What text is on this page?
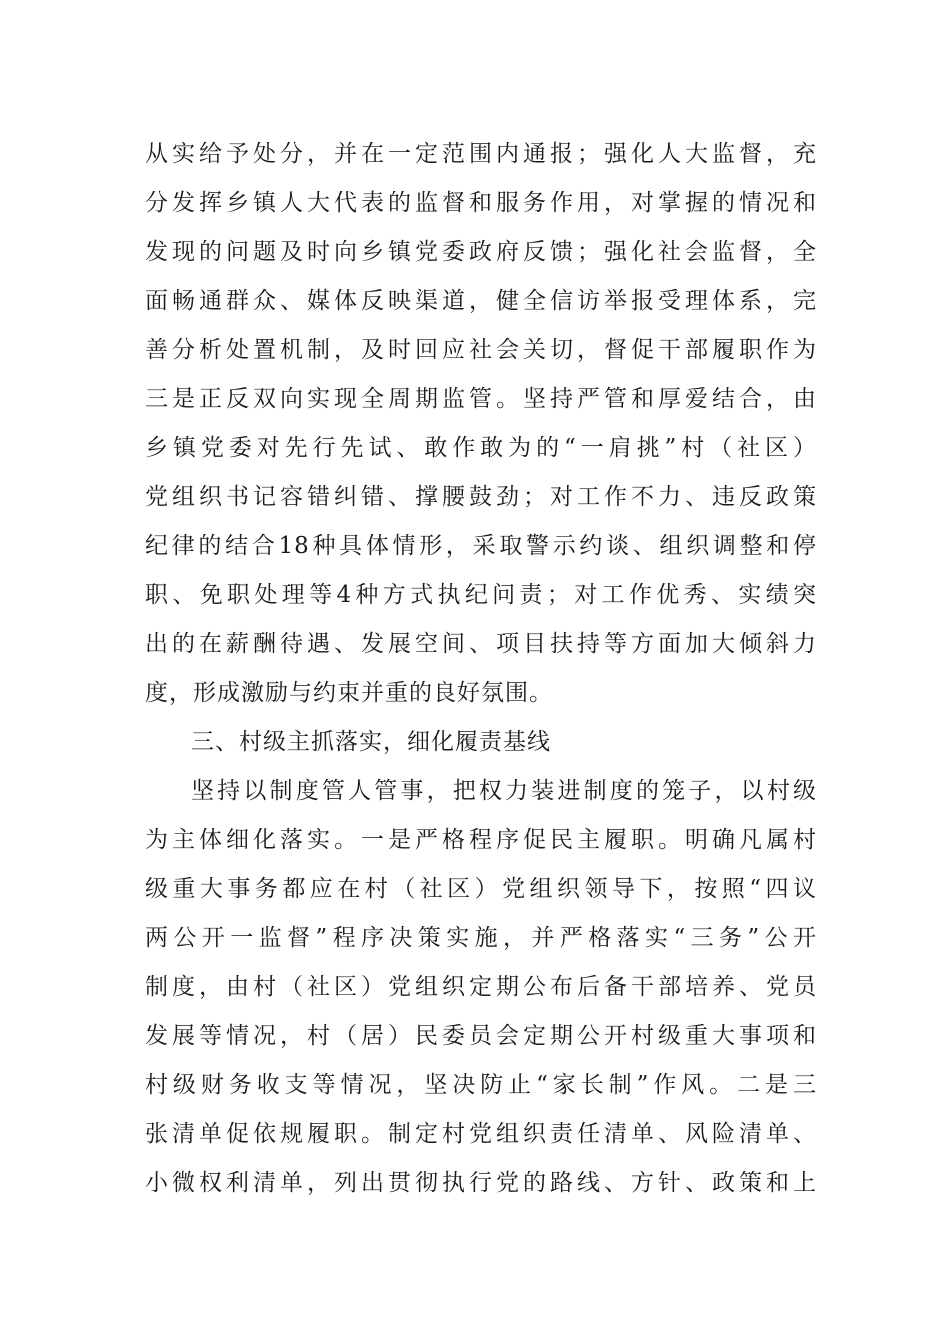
从实给予处分，并在一定范围内通报；强化人大监督，充
分发挥乡镇人大代表的监督和服务作用，对掌握的情况和
发现的问题及时向乡镇党委政府反馈；强化社会监督，全
面畅通群众、媒体反映渠道，健全信访举报受理体系，完
善分析处置机制，及时回应社会关切，督促干部履职作为
三是正反双向实现全周期监管。坚持严管和厚爱结合，由
乡镇党委对先行先试、敢作敢为的“一肩挑”村（社区）
党组织书记容错纠错、撑腰鼓劲；对工作不力、违反政策
纪律的结合18种具体情形，采取警示约谈、组织调整和停
职、免职处理等4种方式执纪问责；对工作优秀、实绩突
出的在薪酬待遇、发展空间、项目扶持等方面加大倾斜力
度，形成激励与约束并重的良好氛围。
三、村级主抓落实，细化履责基线
坚持以制度管人管事，把权力装进制度的笼子，以村级
为主体细化落实。一是严格程序促民主履职。明确凡属村
级重大事务都应在村（社区）党组织领导下，按照“四议
两公开一监督”程序决策实施，并严格落实“三务”公开
制度，由村（社区）党组织定期公布后备干部培养、党员
发展等情况，村（居）民委员会定期公开村级重大事项和
村级财务收支等情况，坚决防止“家长制”作风。二是三
张清单促依规履职。制定村党组织责任清单、风险清单、
小微权利清单，列出贯彻执行党的路线、方针、政策和上
